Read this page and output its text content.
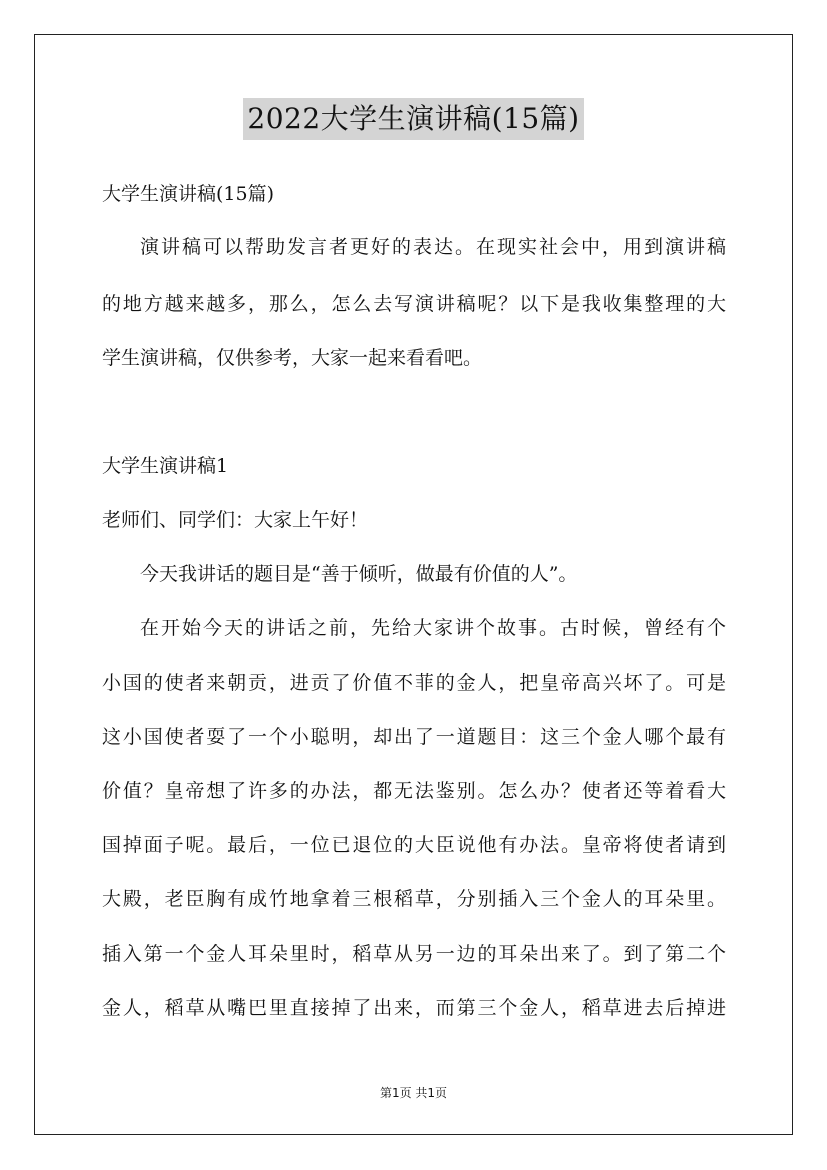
2022大学生演讲稿(15篇)
大学生演讲稿(15篇)
演讲稿可以帮助发言者更好的表达。在现实社会中，用到演讲稿
的地方越来越多，那么，怎么去写演讲稿呢？以下是我收集整理的大
学生演讲稿，仅供参考，大家一起来看看吧。
大学生演讲稿1
老师们、同学们：大家上午好！
今天我讲话的题目是“善于倾听，做最有价值的人”。
在开始今天的讲话之前，先给大家讲个故事。古时候，曾经有个
小国的使者来朝贡，进贡了价值不菲的金人，把皇帝高兴坏了。可是
这小国使者耍了一个小聪明，却出了一道题目：这三个金人哪个最有
价值？皇帝想了许多的办法，都无法鉴别。怎么办？使者还等着看大
国掉面子呢。最后，一位已退位的大臣说他有办法。皇帝将使者请到
大殿，老臣胸有成竹地拿着三根稻草，分别插入三个金人的耳朵里。
插入第一个金人耳朵里时，稻草从另一边的耳朵出来了。到了第二个
金人，稻草从嘴巴里直接掉了出来，而第三个金人，稻草进去后掉进
第1页 共1页
